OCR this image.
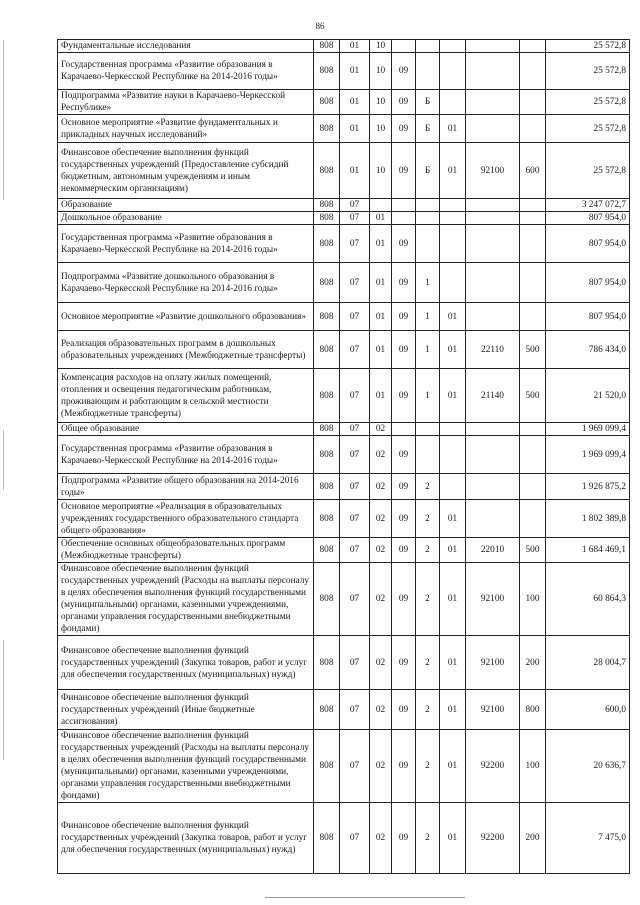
86
Фундаментальные исследования	808	01	10						25 572,8
Государственная программа «Развитие образования в Карачаево-Черкесской Республике на 2014-2016 годы»	808	01	10	09					25 572,8
Подпрограмма «Развитие науки в Карачаево-Черкесской Республике»	808	01	10	09	Б				25 572,8
Основное мероприятие «Развитие фундаментальных и прикладных научных исследований»	808	01	10	09	Б	01			25 572,8
Финансовое обеспечение выполнения функций государственных учреждений (Предоставление субсидий бюджетным, автономным учреждениям и иным некоммерческим организациям)	808	01	10	09	Б	01	92100	600	25 572,8
Образование	808	07							3 247 072,7
Дошкольное образование	808	07	01						807 954,0
Государственная программа «Развитие образования в Карачаево-Черкесской Республике на 2014-2016 годы»	808	07	01	09					807 954,0
Подпрограмма «Развитие дошкольного образования в Карачаево-Черкесской Республике на 2014-2016 годы»	808	07	01	09	1				807 954,0
Основное мероприятие «Развитие дошкольного образования»	808	07	01	09	1	01			807 954,0
Реализация образовательных программ в дошкольных образовательных учреждениях (Межбюджетные трансферты)	808	07	01	09	1	01	22110	500	786 434,0
Компенсация расходов на оплату жилых помещений, отопления и освещения педагогическим работникам, проживающим и работающим в сельской местности (Межбюджетные трансферты)	808	07	01	09	1	01	21140	500	21 520,0
Общее образование	808	07	02						1 969 099,4
Государственная программа «Развитие образования в Карачаево-Черкесской Республике на 2014-2016 годы»	808	07	02	09					1 969 099,4
Подпрограмма «Развитие общего образования на 2014-2016 годы»	808	07	02	09	2				1 926 875,2
Основное мероприятие «Реализация в образовательных учреждениях государственного образовательного стандарта общего образования»	808	07	02	09	2	01			1 802 389,8
Обеспечение основных общеобразовательных программ (Межбюджетные трансферты)	808	07	02	09	2	01	22010	500	1 684 469,1
Финансовое обеспечение выполнения функций государственных учреждений (Расходы на выплаты персоналу в целях обеспечения выполнения функций государственными (муниципальными) органами, казенными учреждениями, органами управления государственными внебюджетными фондами)	808	07	02	09	2	01	92100	100	60 864,3
Финансовое обеспечение выполнения функций государственных учреждений (Закупка товаров, работ и услуг для обеспечения государственных (муниципальных) нужд)	808	07	02	09	2	01	92100	200	28 004,7
Финансовое обеспечение выполнения функций государственных учреждений (Иные бюджетные ассигнования)	808	07	02	09	2	01	92100	800	600,0
Финансовое обеспечение выполнения функций государственных учреждений (Расходы на выплаты персоналу в целях обеспечения выполнения функций государственными (муниципальными) органами, казенными учреждениями, органами управления государственными внебюджетными фондами)	808	07	02	09	2	01	92200	100	20 636,7
Финансовое обеспечение выполнения функций государственных учреждений (Закупка товаров, работ и услуг для обеспечения государственных (муниципальных) нужд)	808	07	02	09	2	01	92200	200	7 475,0
